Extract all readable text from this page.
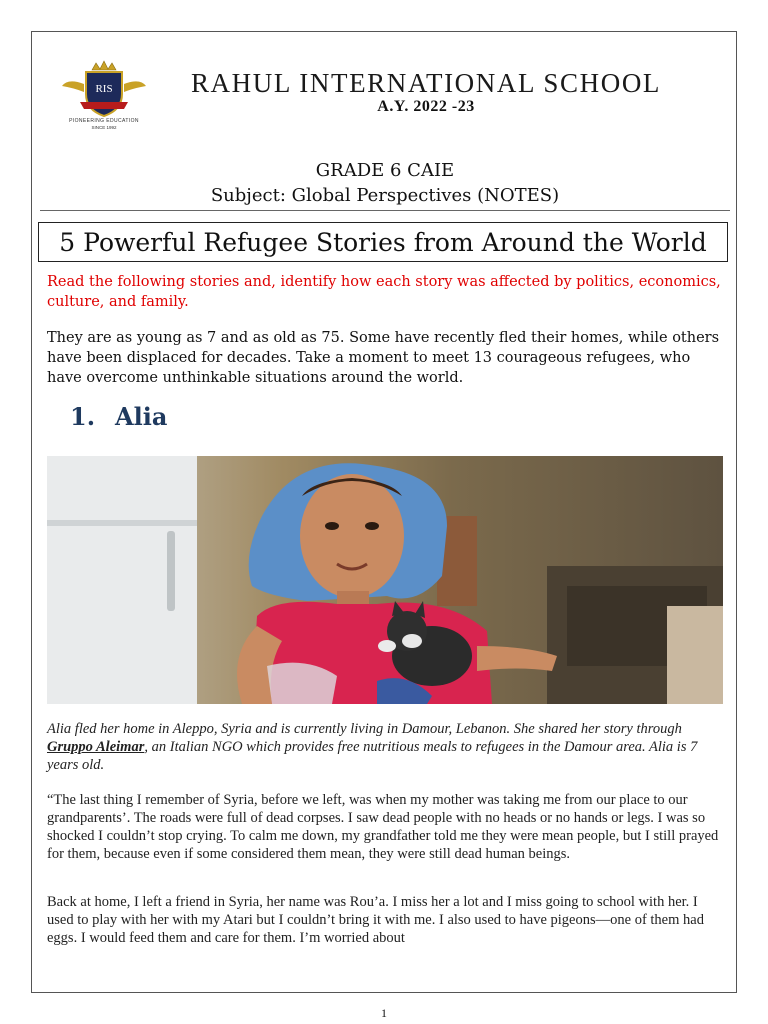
RIS
PIONEERING EDUCATION
SINCE 1992
RAHUL INTERNATIONAL SCHOOL
A.Y. 2022 -23
GRADE 6 CAIE
Subject: Global Perspectives (NOTES)
5 Powerful Refugee Stories from Around the World
Read the following stories and, identify how each story was affected by politics, economics, culture, and family.
They are as young as 7 and as old as 75. Some have recently fled their homes, while others have been displaced for decades. Take a moment to meet 13 courageous refugees, who have overcome unthinkable situations around the world.
1. Alia
Alia fled her home in Aleppo, Syria and is currently living in Damour, Lebanon. She shared her story through Gruppo Aleimar, an Italian NGO which provides free nutritious meals to refugees in the Damour area. Alia is 7 years old.
“The last thing I remember of Syria, before we left, was when my mother was taking me from our place to our grandparents’. The roads were full of dead corpses. I saw dead people with no heads or no hands or legs. I was so shocked I couldn’t stop crying. To calm me down, my grandfather told me they were mean people, but I still prayed for them, because even if some considered them mean, they were still dead human beings.
Back at home, I left a friend in Syria, her name was Rou’a. I miss her a lot and I miss going to school with her. I used to play with her with my Atari but I couldn’t bring it with me. I also used to have pigeons—one of them had eggs. I would feed them and care for them. I’m worried about
1
